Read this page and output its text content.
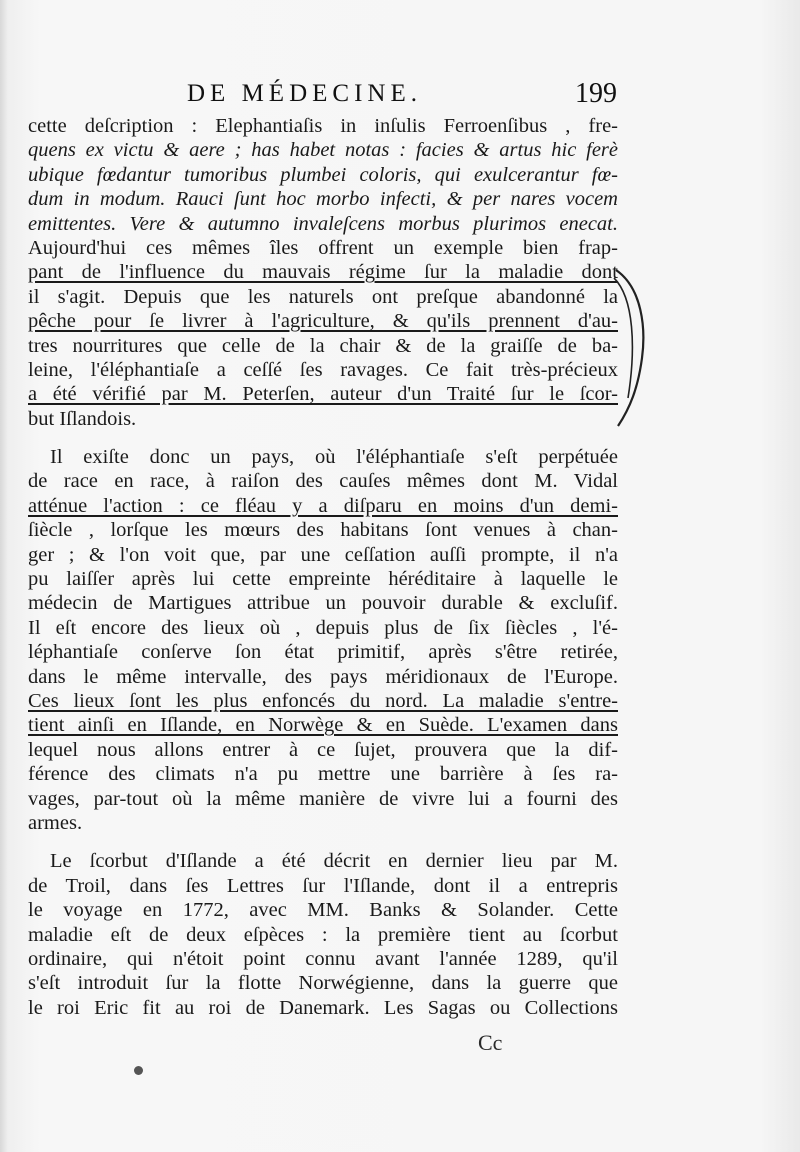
DE MÉDECINE.	199
cette deſcription : Elephantiaſis in inſulis Ferroenſibus , fre-
quens ex victu & aere ; has habet notas : facies & artus hic ferè
ubique fœdantur tumoribus plumbei coloris, qui exulcerantur fœ-
dum in modum. Rauci ſunt hoc morbo infecti, & per nares vocem
emittentes. Vere & autumno invaleſcens morbus plurimos enecat.
Aujourd'hui ces mêmes îles offrent un exemple bien frap-
pant de l'influence du mauvais régime ſur la maladie dont
il s'agit. Depuis que les naturels ont preſque abandonné la
pêche pour ſe livrer à l'agriculture, & qu'ils prennent d'au-
tres nourritures que celle de la chair & de la graiſſe de ba-
leine, l'éléphantiaſe a ceſſé ſes ravages. Ce fait très-précieux
a été vérifié par M. Peterſen, auteur d'un Traité ſur le ſcor-
but Iſlandois.
Il exiſte donc un pays, où l'éléphantiaſe s'eſt perpétuée
de race en race, à raiſon des cauſes mêmes dont M. Vidal
atténue l'action : ce fléau y a diſparu en moins d'un demi-
ſiècle , lorſque les mœurs des habitans ſont venues à chan-
ger ; & l'on voit que, par une ceſſation auſſi prompte, il n'a
pu laiſſer après lui cette empreinte héréditaire à laquelle le
médecin de Martigues attribue un pouvoir durable & excluſif.
Il eſt encore des lieux où , depuis plus de ſix ſiècles , l'é-
léphantiaſe conſerve ſon état primitif, après s'être retirée,
dans le même intervalle, des pays méridionaux de l'Europe.
Ces lieux ſont les plus enfoncés du nord. La maladie s'entre-
tient ainſi en Iſlande, en Norwège & en Suède. L'examen dans
lequel nous allons entrer à ce ſujet, prouvera que la dif-
férence des climats n'a pu mettre une barrière à ſes ra-
vages, par-tout où la même manière de vivre lui a fourni des
armes.
Le ſcorbut d'Iſlande a été décrit en dernier lieu par M.
de Troil, dans ſes Lettres ſur l'Iſlande, dont il a entrepris
le voyage en 1772, avec MM. Banks & Solander. Cette
maladie eſt de deux eſpèces : la première tient au ſcorbut
ordinaire, qui n'étoit point connu avant l'année 1289, qu'il
s'eſt introduit ſur la flotte Norwégienne, dans la guerre que
le roi Eric fit au roi de Danemark. Les Sagas ou Collections
Cc
